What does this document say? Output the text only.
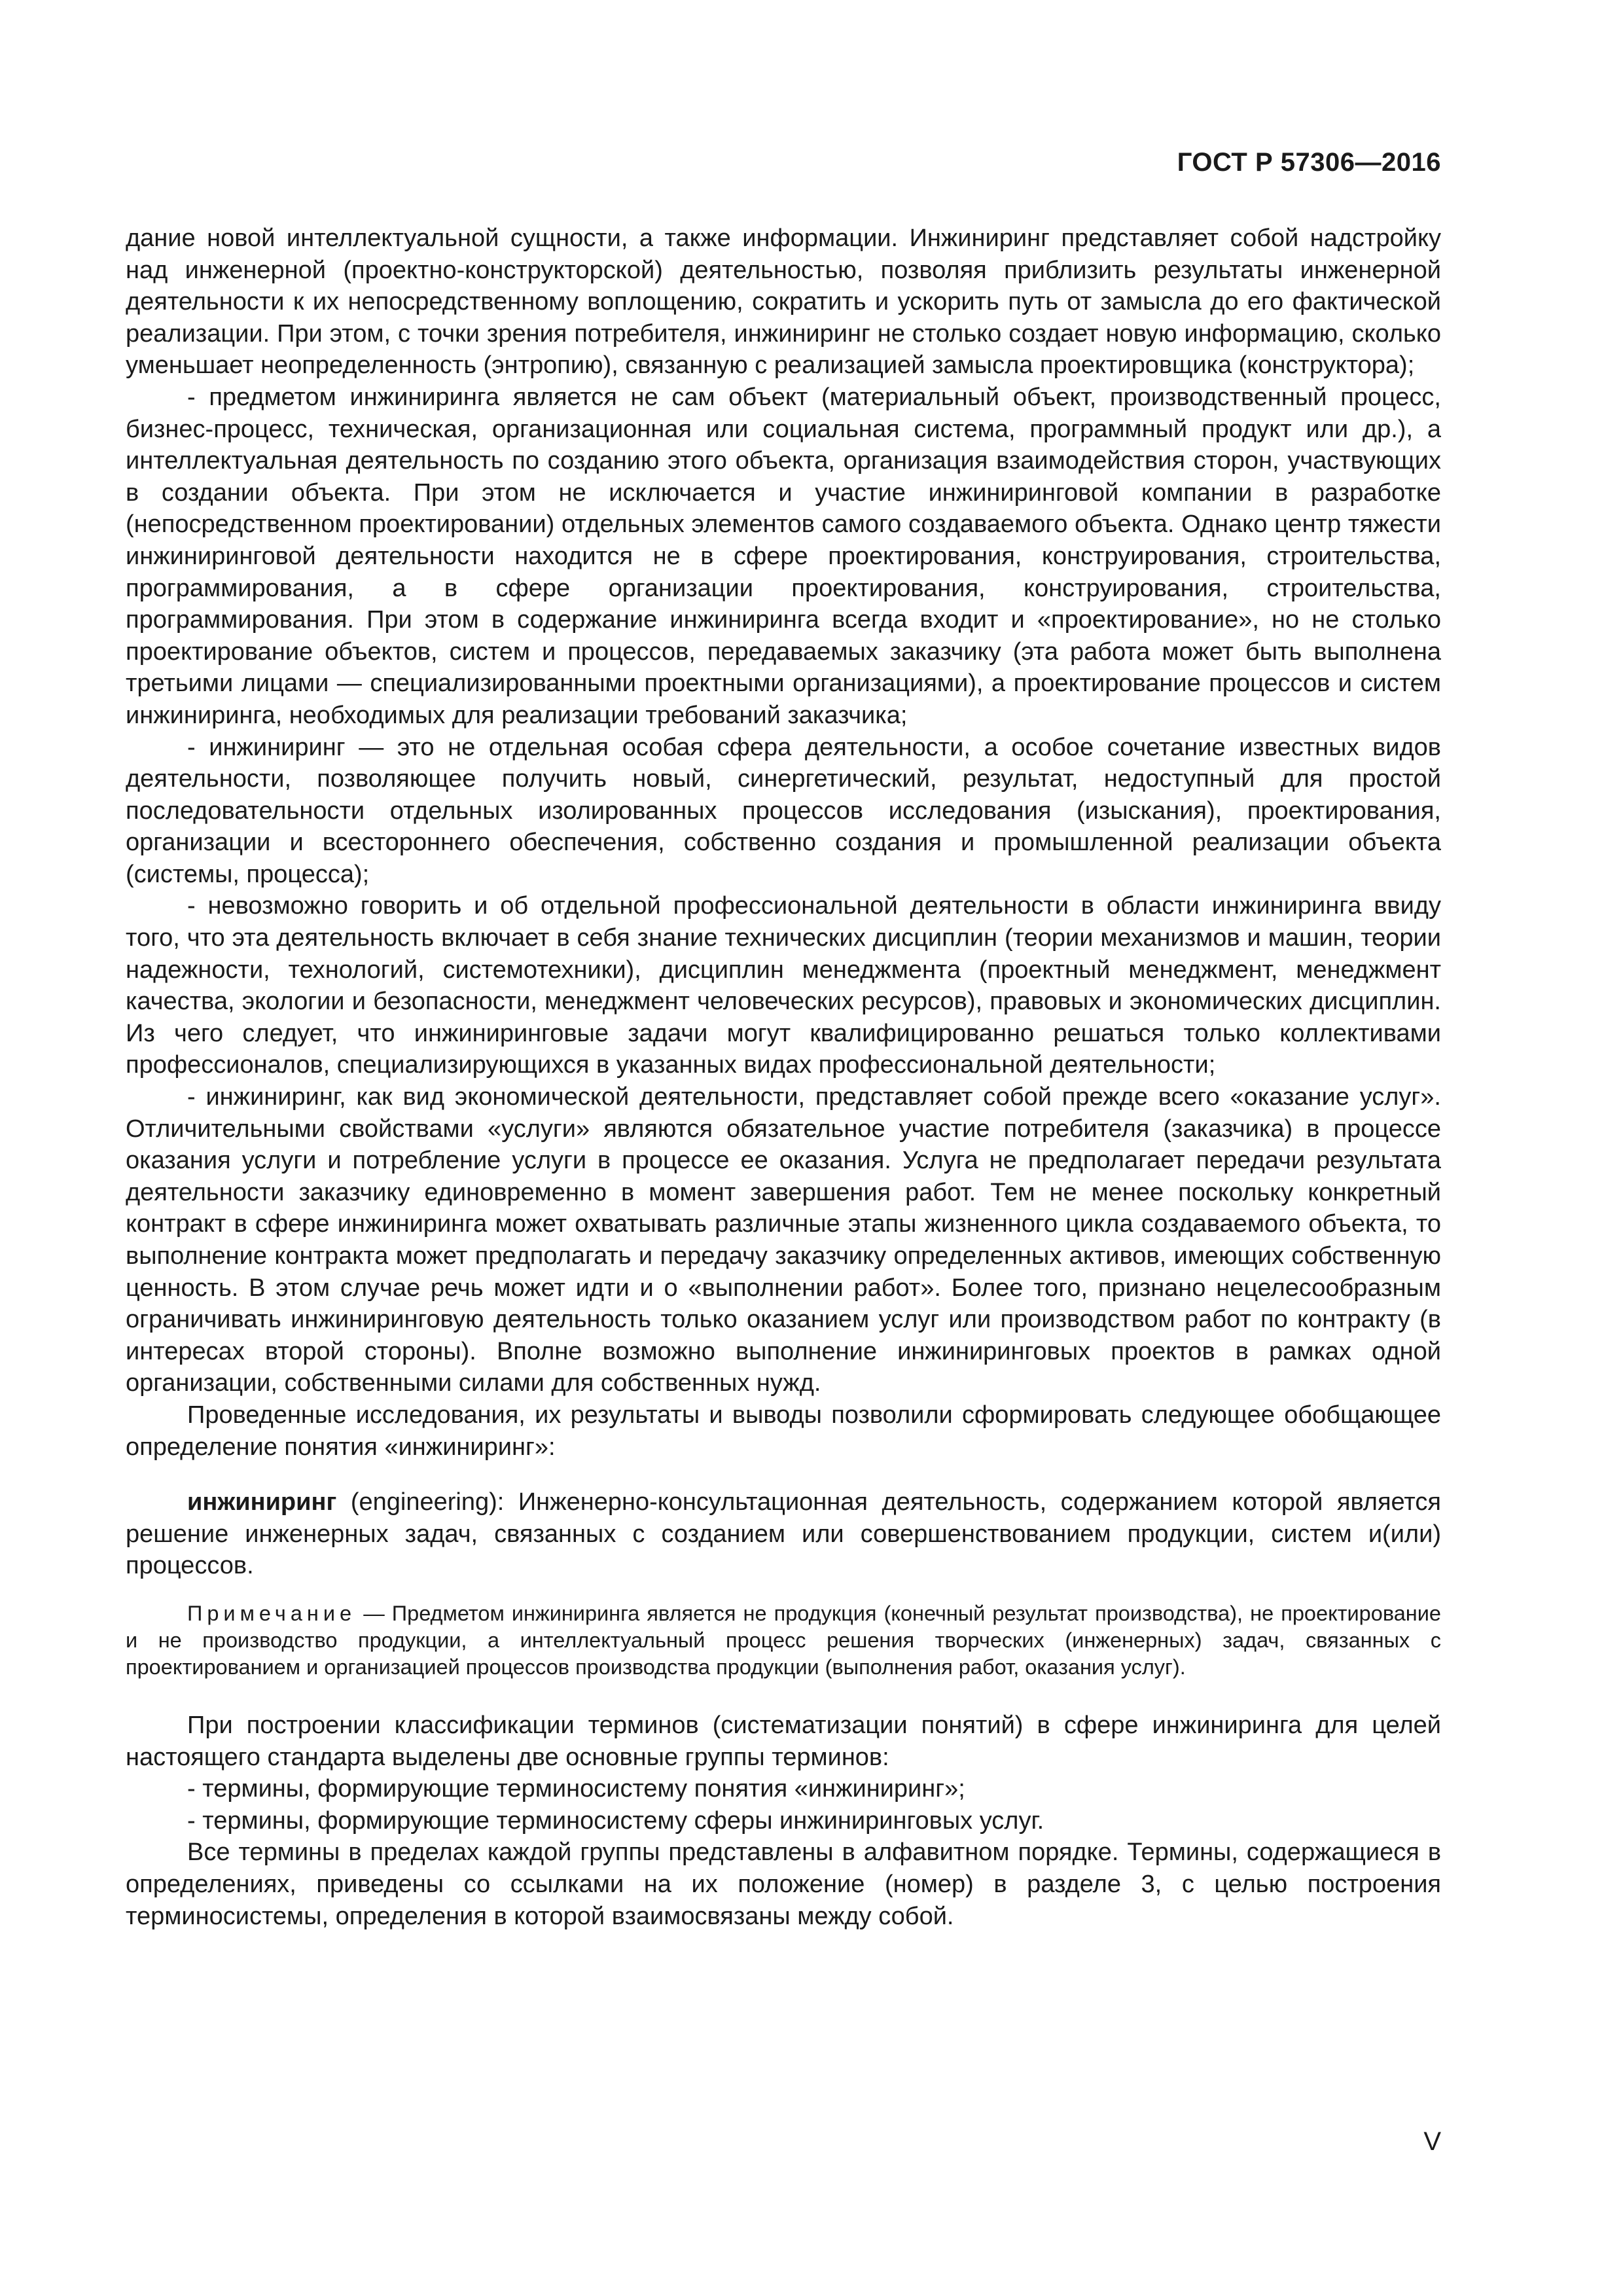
ГОСТ Р 57306—2016

дание новой интеллектуальной сущности, а также информации. Инжиниринг представляет собой надстройку над инженерной (проектно-конструкторской) деятельностью, позволяя приблизить результаты инженерной деятельности к их непосредственному воплощению, сократить и ускорить путь от замысла до его фактической реализации. При этом, с точки зрения потребителя, инжиниринг не столько создает новую информацию, сколько уменьшает неопределенность (энтропию), связанную с реализацией замысла проектировщика (конструктора);

- предметом инжиниринга является не сам объект (материальный объект, производственный процесс, бизнес-процесс, техническая, организационная или социальная система, программный продукт или др.), а интеллектуальная деятельность по созданию этого объекта, организация взаимодействия сторон, участвующих в создании объекта. При этом не исключается и участие инжиниринговой компании в разработке (непосредственном проектировании) отдельных элементов самого создаваемого объекта. Однако центр тяжести инжиниринговой деятельности находится не в сфере проектирования, конструирования, строительства, программирования, а в сфере организации проектирования, конструирования, строительства, программирования. При этом в содержание инжиниринга всегда входит и «проектирование», но не столько проектирование объектов, систем и процессов, передаваемых заказчику (эта работа может быть выполнена третьими лицами — специализированными проектными организациями), а проектирование процессов и систем инжиниринга, необходимых для реализации требований заказчика;

- инжиниринг — это не отдельная особая сфера деятельности, а особое сочетание известных видов деятельности, позволяющее получить новый, синергетический, результат, недоступный для простой последовательности отдельных изолированных процессов исследования (изыскания), проектирования, организации и всестороннего обеспечения, собственно создания и промышленной реализации объекта (системы, процесса);

- невозможно говорить и об отдельной профессиональной деятельности в области инжиниринга ввиду того, что эта деятельность включает в себя знание технических дисциплин (теории механизмов и машин, теории надежности, технологий, системотехники), дисциплин менеджмента (проектный менеджмент, менеджмент качества, экологии и безопасности, менеджмент человеческих ресурсов), правовых и экономических дисциплин. Из чего следует, что инжиниринговые задачи могут квалифицированно решаться только коллективами профессионалов, специализирующихся в указанных видах профессиональной деятельности;

- инжиниринг, как вид экономической деятельности, представляет собой прежде всего «оказание услуг». Отличительными свойствами «услуги» являются обязательное участие потребителя (заказчика) в процессе оказания услуги и потребление услуги в процессе ее оказания. Услуга не предполагает передачи результата деятельности заказчику единовременно в момент завершения работ. Тем не менее поскольку конкретный контракт в сфере инжиниринга может охватывать различные этапы жизненного цикла создаваемого объекта, то выполнение контракта может предполагать и передачу заказчику определенных активов, имеющих собственную ценность. В этом случае речь может идти и о «выполнении работ». Более того, признано нецелесообразным ограничивать инжиниринговую деятельность только оказанием услуг или производством работ по контракту (в интересах второй стороны). Вполне возможно выполнение инжиниринговых проектов в рамках одной организации, собственными силами для собственных нужд.

Проведенные исследования, их результаты и выводы позволили сформировать следующее обобщающее определение понятия «инжиниринг»:

инжиниринг (engineering): Инженерно-консультационная деятельность, содержанием которой является решение инженерных задач, связанных с созданием или совершенствованием продукции, систем и(или) процессов.

Примечание — Предметом инжиниринга является не продукция (конечный результат производства), не проектирование и не производство продукции, а интеллектуальный процесс решения творческих (инженерных) задач, связанных с проектированием и организацией процессов производства продукции (выполнения работ, оказания услуг).

При построении классификации терминов (систематизации понятий) в сфере инжиниринга для целей настоящего стандарта выделены две основные группы терминов:

- термины, формирующие терминосистему понятия «инжиниринг»;

- термины, формирующие терминосистему сферы инжиниринговых услуг.

Все термины в пределах каждой группы представлены в алфавитном порядке. Термины, содержащиеся в определениях, приведены со ссылками на их положение (номер) в разделе 3, с целью построения терминосистемы, определения в которой взаимосвязаны между собой.

V
